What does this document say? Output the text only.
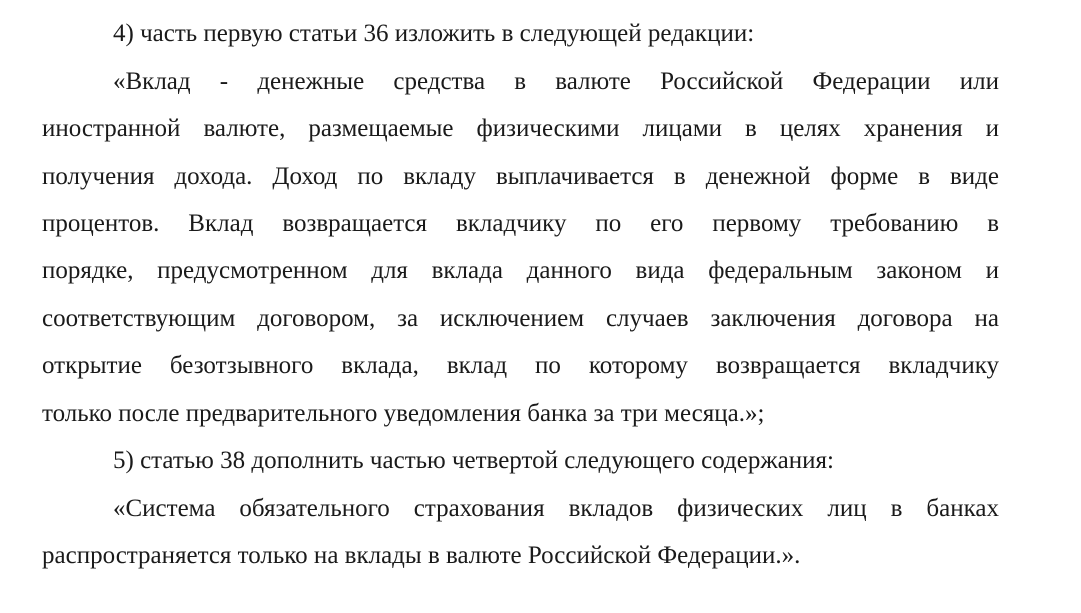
4) часть первую статьи 36 изложить в следующей редакции:
«Вклад - денежные средства в валюте Российской Федерации или
иностранной валюте, размещаемые физическими лицами в целях хранения и
получения дохода. Доход по вкладу выплачивается в денежной форме в виде
процентов. Вклад возвращается вкладчику по его первому требованию в
порядке, предусмотренном для вклада данного вида федеральным законом и
соответствующим договором, за исключением случаев заключения договора на
открытие безотзывного вклада, вклад по которому возвращается вкладчику
только после предварительного уведомления банка за три месяца.»;
5) статью 38 дополнить частью четвертой следующего содержания:
«Система обязательного страхования вкладов физических лиц в банках
распространяется только на вклады в валюте Российской Федерации.».
